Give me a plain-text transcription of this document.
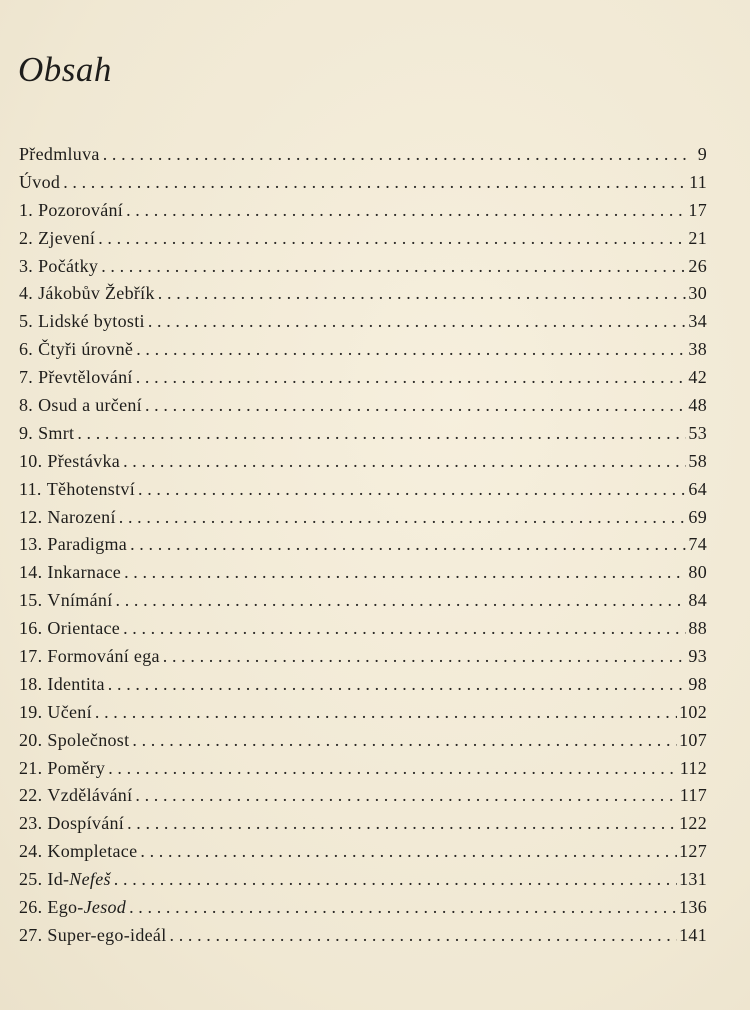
Obsah
Předmluva . . .	9
Úvod . . .	11
1. Pozorování . . .	17
2. Zjevení . . .	21
3. Počátky . . .	26
4. Jákobův Žebřík . . .	30
5. Lidské bytosti . . .	34
6. Čtyři úrovně . . .	38
7. Převtělování . . .	42
8. Osud a určení . . .	48
9. Smrt . . .	53
10. Přestávka . . .	58
11. Těhotenství . . .	64
12. Narození . . .	69
13. Paradigma . . .	74
14. Inkarnace . . .	80
15. Vnímání . . .	84
16. Orientace . . .	88
17. Formování ega . . .	93
18. Identita . . .	98
19. Učení . . .	102
20. Společnost . . .	107
21. Poměry . . .	112
22. Vzdělávání . . .	117
23. Dospívání . . .	122
24. Kompletace . . .	127
25. Id-Nefeš . . .	131
26. Ego-Jesod . . .	136
27. Super-ego-ideál . . .	141
